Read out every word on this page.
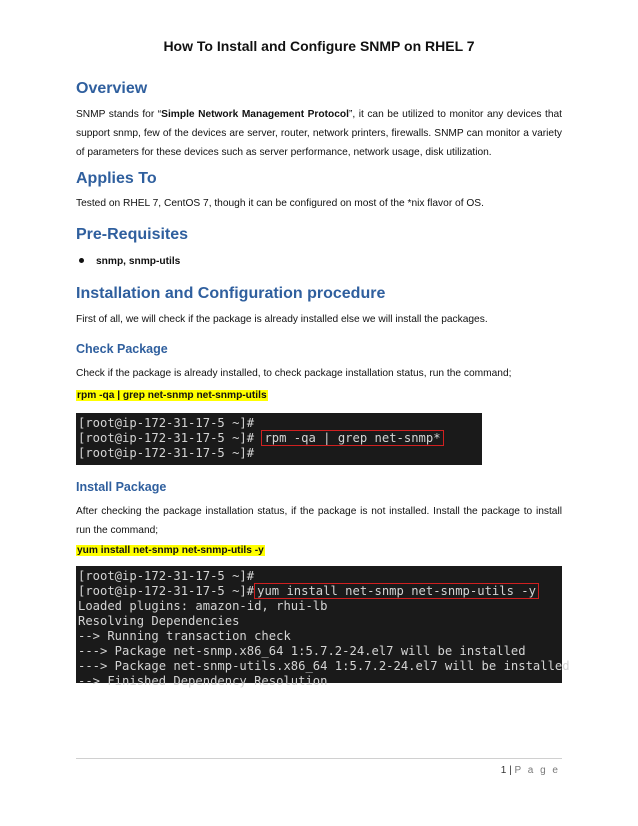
How To Install and Configure SNMP on RHEL 7
Overview
SNMP stands for “Simple Network Management Protocol”, it can be utilized to monitor any devices that support snmp, few of the devices are server, router, network printers, firewalls. SNMP can monitor a variety of parameters for these devices such as server performance, network usage, disk utilization.
Applies To
Tested on RHEL 7, CentOS 7, though it can be configured on most of the *nix flavor of OS.
Pre-Requisites
snmp, snmp-utils
Installation and Configuration procedure
First of all, we will check if the package is already installed else we will install the packages.
Check Package
Check if the package is already installed, to check package installation status, run the command;
rpm -qa | grep net-snmp net-snmp-utils
[root@ip-172-31-17-5 ~]#
[root@ip-172-31-17-5 ~]# rpm -qa | grep net-snmp*
[root@ip-172-31-17-5 ~]#
Install Package
After checking the package installation status, if the package is not installed. Install the package to install run the command;
yum install net-snmp net-snmp-utils -y
[root@ip-172-31-17-5 ~]#
[root@ip-172-31-17-5 ~]# yum install net-snmp net-snmp-utils -y
Loaded plugins: amazon-id, rhui-lb
Resolving Dependencies
--> Running transaction check
---> Package net-snmp.x86_64 1:5.7.2-24.el7 will be installed
---> Package net-snmp-utils.x86_64 1:5.7.2-24.el7 will be installed
--> Finished Dependency Resolution
1 | P a g e
